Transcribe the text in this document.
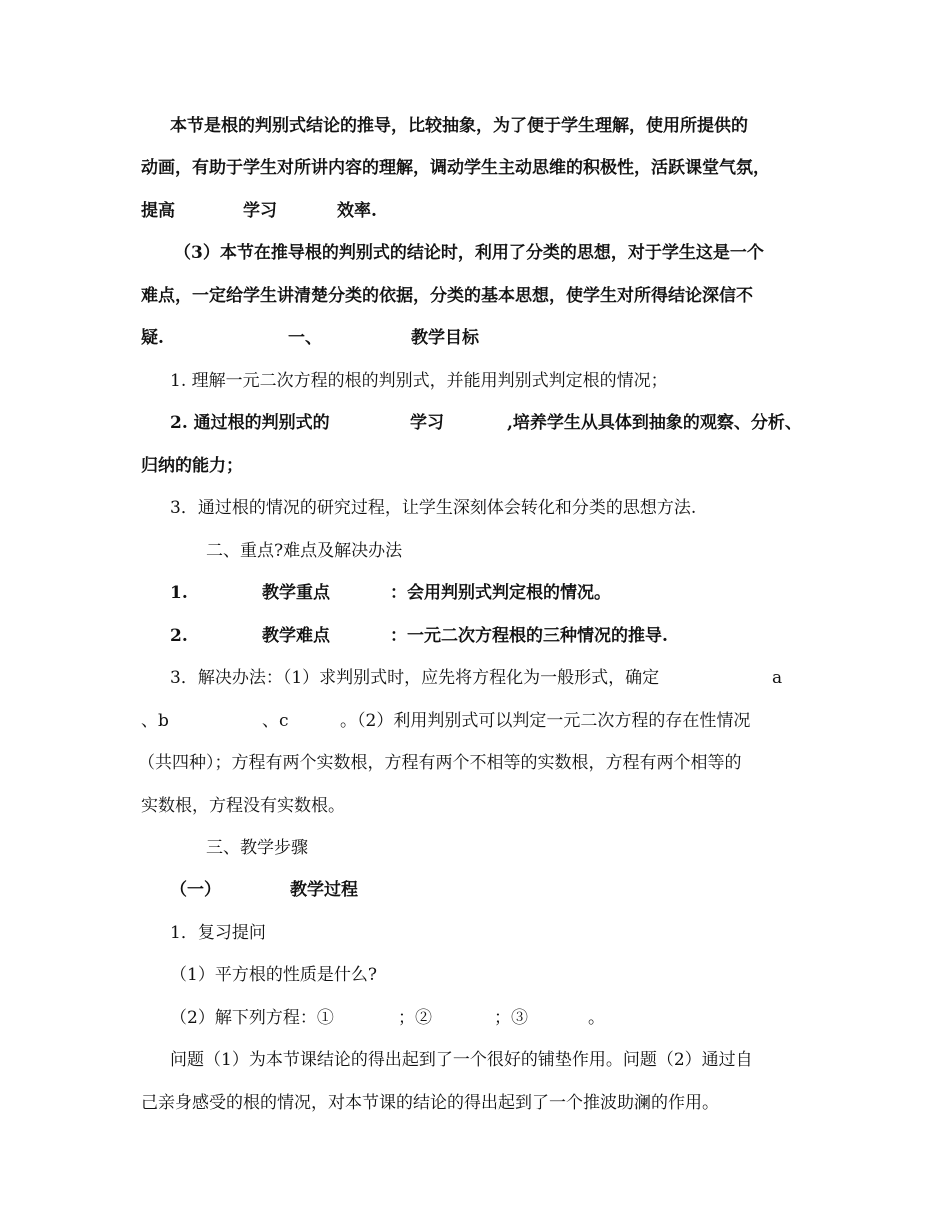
本节是根的判别式结论的推导，比较抽象，为了便于学生理解，使用所提供的
动画，有助于学生对所讲内容的理解，调动学生主动思维的积极性，活跃课堂气氛，
提高	学习	效率.
（3）本节在推导根的判别式的结论时，利用了分类的思想，对于学生这是一个
难点，一定给学生讲清楚分类的依据，分类的基本思想，使学生对所得结论深信不
疑.	一、	教学目标
1. 理解一元二次方程的根的判别式，并能用判别式判定根的情况；
2. 通过根的判别式的	学习	,培养学生从具体到抽象的观察、分析、
归纳的能力；
3．通过根的情况的研究过程，让学生深刻体会转化和分类的思想方法.
二、重点?难点及解决办法
1.	教学重点	：会用判别式判定根的情况。
2.	教学难点	：一元二次方程根的三种情况的推导.
3．解决办法：（1）求判别式时，应先将方程化为一般形式，确定	a
、b	、c	。（2）利用判别式可以判定一元二次方程的存在性情况
（共四种）；方程有两个实数根，方程有两个不相等的实数根，方程有两个相等的
实数根，方程没有实数根。
三、教学步骤
（一）	教学过程
1．复习提问
（1）平方根的性质是什么?
（2）解下列方程：①	；②	；③	。
问题（1）为本节课结论的得出起到了一个很好的铺垫作用。问题（2）通过自
己亲身感受的根的情况，对本节课的结论的得出起到了一个推波助澜的作用。
